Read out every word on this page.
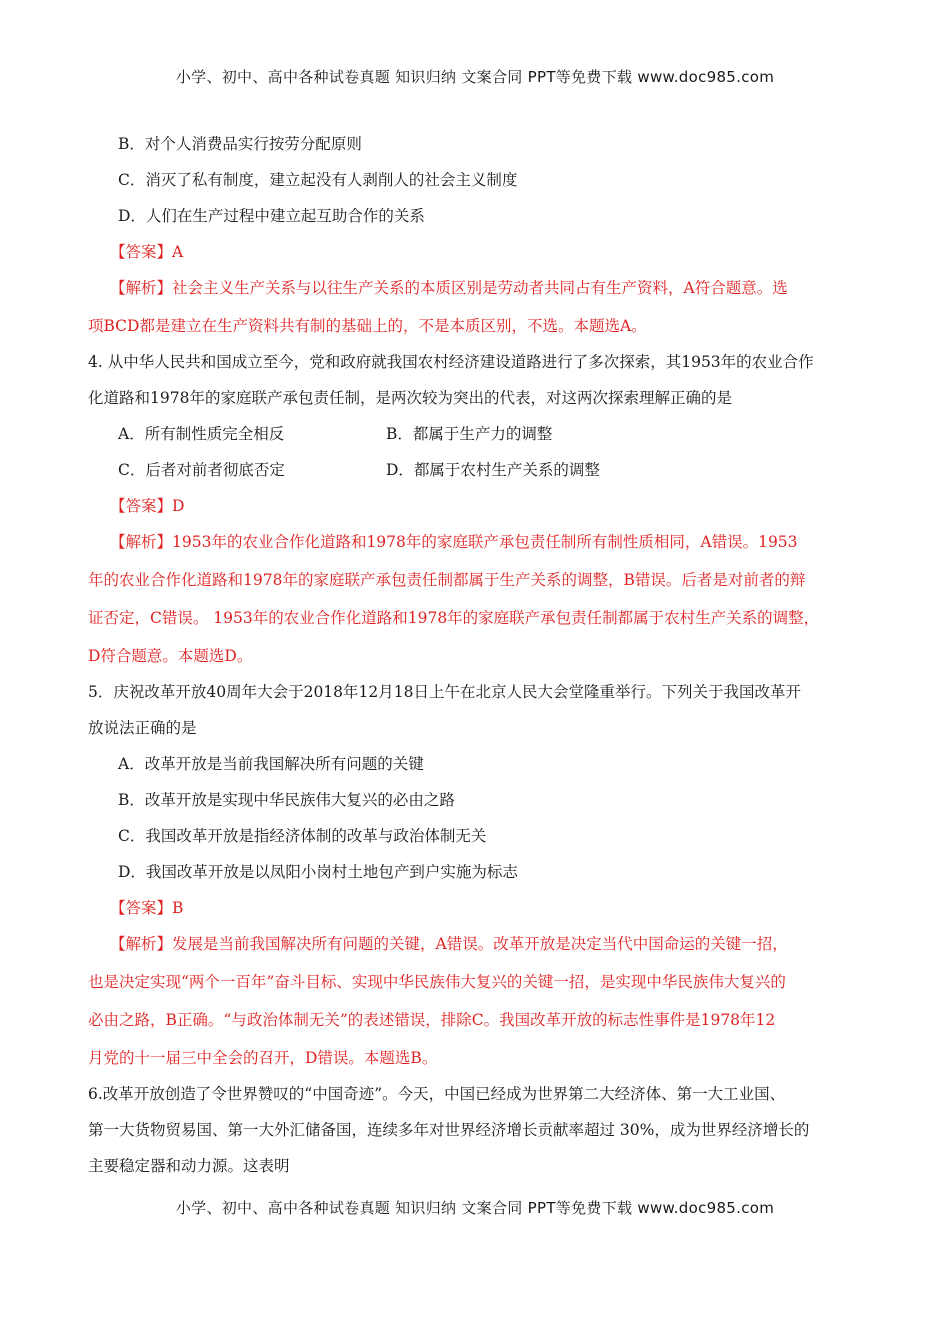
小学、初中、高中各种试卷真题 知识归纳 文案合同 PPT等免费下载 www.doc985.com
B．对个人消费品实行按劳分配原则
C．消灭了私有制度，建立起没有人剥削人的社会主义制度
D．人们在生产过程中建立起互助合作的关系
【答案】A
【解析】社会主义生产关系与以往生产关系的本质区别是劳动者共同占有生产资料，A符合题意。选
项BCD都是建立在生产资料共有制的基础上的，不是本质区别，不选。本题选A。
4. 从中华人民共和国成立至今，党和政府就我国农村经济建设道路进行了多次探索，其1953年的农业合作
化道路和1978年的家庭联产承包责任制，是两次较为突出的代表，对这两次探索理解正确的是
A．所有制性质完全相反	B．都属于生产力的调整
C．后者对前者彻底否定	D．都属于农村生产关系的调整
【答案】D
【解析】1953年的农业合作化道路和1978年的家庭联产承包责任制所有制性质相同，A错误。1953
年的农业合作化道路和1978年的家庭联产承包责任制都属于生产关系的调整，B错误。后者是对前者的辩
证否定，C错误。 1953年的农业合作化道路和1978年的家庭联产承包责任制都属于农村生产关系的调整，
D符合题意。本题选D。
5．庆祝改革开放40周年大会于2018年12月18日上午在北京人民大会堂隆重举行。下列关于我国改革开
放说法正确的是
A．改革开放是当前我国解决所有问题的关键
B．改革开放是实现中华民族伟大复兴的必由之路
C．我国改革开放是指经济体制的改革与政治体制无关
D．我国改革开放是以凤阳小岗村土地包产到户实施为标志
【答案】B
【解析】发展是当前我国解决所有问题的关键，A错误。改革开放是决定当代中国命运的关键一招，
也是决定实现“两个一百年”奋斗目标、实现中华民族伟大复兴的关键一招，是实现中华民族伟大复兴的
必由之路，B正确。“与政治体制无关”的表述错误，排除C。我国改革开放的标志性事件是1978年12
月党的十一届三中全会的召开，D错误。本题选B。
6.改革开放创造了令世界赞叹的“中国奇迹”。今天，中国已经成为世界第二大经济体、第一大工业国、
第一大货物贸易国、第一大外汇储备国，连续多年对世界经济增长贡献率超过 30%，成为世界经济增长的
主要稳定器和动力源。这表明
小学、初中、高中各种试卷真题 知识归纳 文案合同 PPT等免费下载 www.doc985.com
